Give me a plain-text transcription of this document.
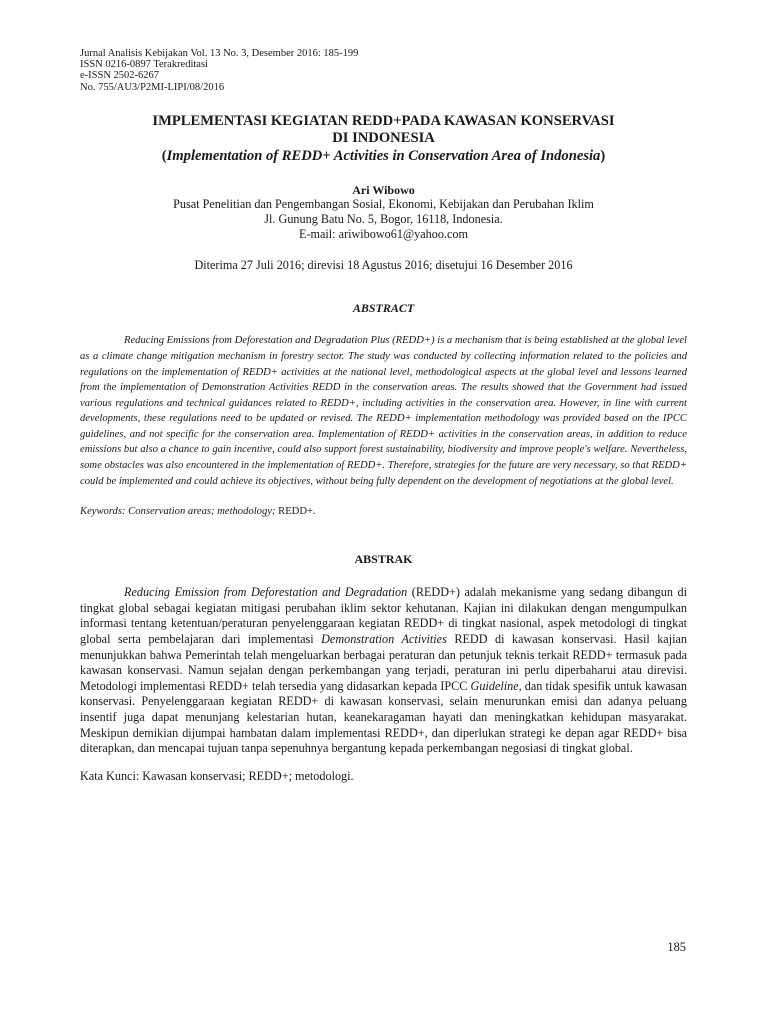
Jurnal Analisis Kebijakan Vol. 13 No. 3, Desember 2016: 185-199
ISSN 0216-0897 Terakreditasi
e-ISSN 2502-6267
No. 755/AU3/P2MI-LIPI/08/2016
IMPLEMENTASI KEGIATAN REDD+PADA KAWASAN KONSERVASI
DI INDONESIA
(Implementation of REDD+ Activities in Conservation Area of Indonesia)
Ari Wibowo
Pusat Penelitian dan Pengembangan Sosial, Ekonomi, Kebijakan dan Perubahan Iklim
Jl. Gunung Batu No. 5, Bogor, 16118, Indonesia.
E-mail: ariwibowo61@yahoo.com
Diterima 27 Juli 2016; direvisi 18 Agustus 2016; disetujui 16 Desember 2016
ABSTRACT
Reducing Emissions from Deforestation and Degradation Plus (REDD+) is a mechanism that is being established at the global level as a climate change mitigation mechanism in forestry sector. The study was conducted by collecting information related to the policies and regulations on the implementation of REDD+ activities at the national level, methodological aspects at the global level and lessons learned from the implementation of Demonstration Activities REDD in the conservation areas. The results showed that the Government had issued various regulations and technical guidances related to REDD+, including activities in the conservation area. However, in line with current developments, these regulations need to be updated or revised. The REDD+ implementation methodology was provided based on the IPCC guidelines, and not specific for the conservation area. Implementation of REDD+ activities in the conservation areas, in addition to reduce emissions but also a chance to gain incentive, could also support forest sustainability, biodiversity and improve people's welfare. Nevertheless, some obstacles was also encountered in the implementation of REDD+. Therefore, strategies for the future are very necessary, so that REDD+ could be implemented and could achieve its objectives, without being fully dependent on the development of negotiations at the global level.
Keywords: Conservation areas; methodology; REDD+.
ABSTRAK
Reducing Emission from Deforestation and Degradation (REDD+) adalah mekanisme yang sedang dibangun di tingkat global sebagai kegiatan mitigasi perubahan iklim sektor kehutanan. Kajian ini dilakukan dengan mengumpulkan informasi tentang ketentuan/peraturan penyelenggaraan kegiatan REDD+ di tingkat nasional, aspek metodologi di tingkat global serta pembelajaran dari implementasi Demonstration Activities REDD di kawasan konservasi. Hasil kajian menunjukkan bahwa Pemerintah telah mengeluarkan berbagai peraturan dan petunjuk teknis terkait REDD+ termasuk pada kawasan konservasi. Namun sejalan dengan perkembangan yang terjadi, peraturan ini perlu diperbaharui atau direvisi. Metodologi implementasi REDD+ telah tersedia yang didasarkan kepada IPCC Guideline, dan tidak spesifik untuk kawasan konservasi. Penyelenggaraan kegiatan REDD+ di kawasan konservasi, selain menurunkan emisi dan adanya peluang insentif juga dapat menunjang kelestarian hutan, keanekaragaman hayati dan meningkatkan kehidupan masyarakat. Meskipun demikian dijumpai hambatan dalam implementasi REDD+, dan diperlukan strategi ke depan agar REDD+ bisa diterapkan, dan mencapai tujuan tanpa sepenuhnya bergantung kepada perkembangan negosiasi di tingkat global.
Kata Kunci: Kawasan konservasi; REDD+; metodologi.
185
